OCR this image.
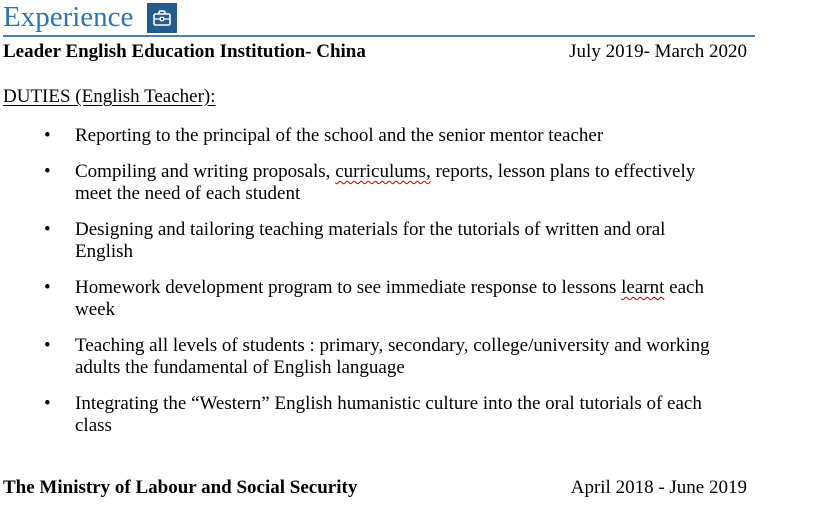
Experience
Leader English Education Institution- China	July 2019- March 2020
DUTIES (English Teacher):
• Reporting to the principal of the school and the senior mentor teacher
• Compiling and writing proposals, curriculums, reports, lesson plans to effectively
meet the need of each student
• Designing and tailoring teaching materials for the tutorials of written and oral
English
• Homework development program to see immediate response to lessons learnt each
week
• Teaching all levels of students : primary, secondary, college/university and working
adults the fundamental of English language
• Integrating the “Western” English humanistic culture into the oral tutorials of each
class
The Ministry of Labour and Social Security	April 2018 - June 2019
